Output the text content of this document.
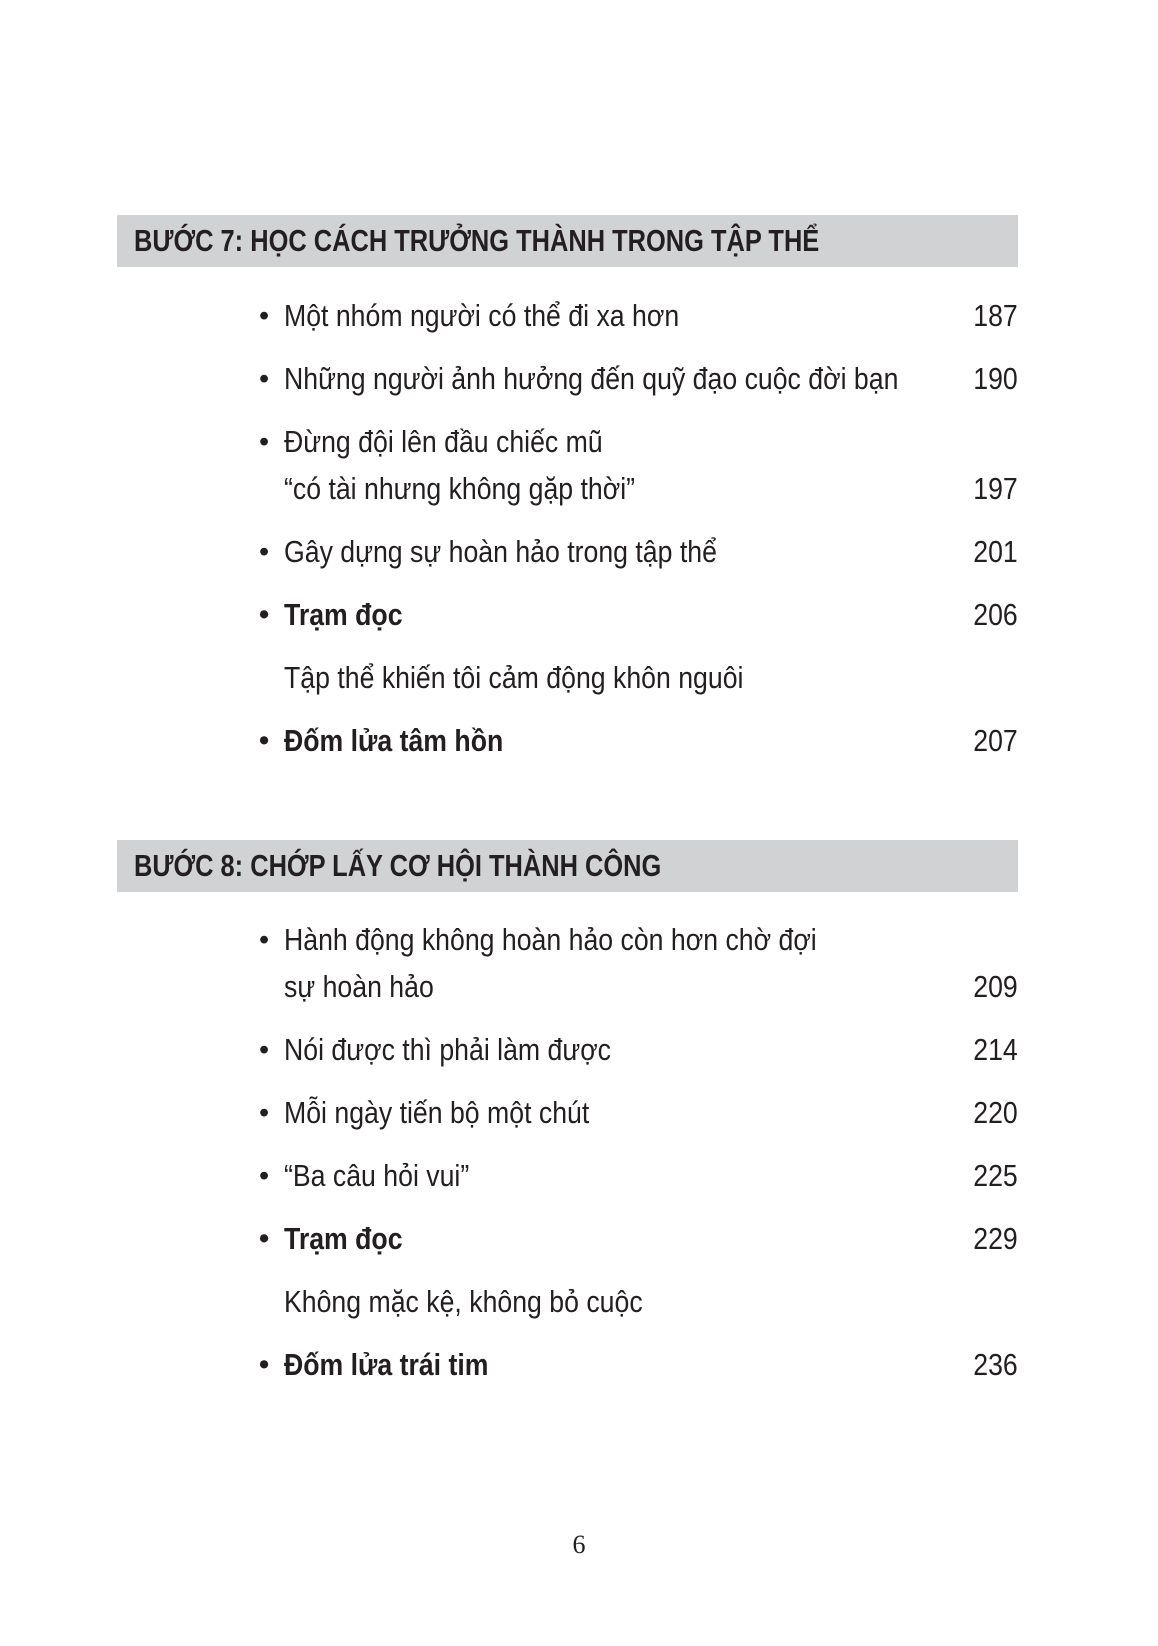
BƯỚC 7: HỌC CÁCH TRƯỞNG THÀNH TRONG TẬP THỂ
• Một nhóm người có thể đi xa hơn	187
• Những người ảnh hưởng đến quỹ đạo cuộc đời bạn 190
• Đừng đội lên đầu chiếc mũ
“có tài nhưng không gặp thời”	197
• Gây dựng sự hoàn hảo trong tập thể	201
• Trạm đọc	206
Tập thể khiến tôi cảm động khôn nguôi
• Đốm lửa tâm hồn	207
BƯỚC 8: CHỚP LẤY CƠ HỘI THÀNH CÔNG
• Hành động không hoàn hảo còn hơn chờ đợi
sự hoàn hảo	209
• Nói được thì phải làm được	214
• Mỗi ngày tiến bộ một chút	220
• “Ba câu hỏi vui”	225
• Trạm đọc	229
Không mặc kệ, không bỏ cuộc
• Đốm lửa trái tim	236
6
